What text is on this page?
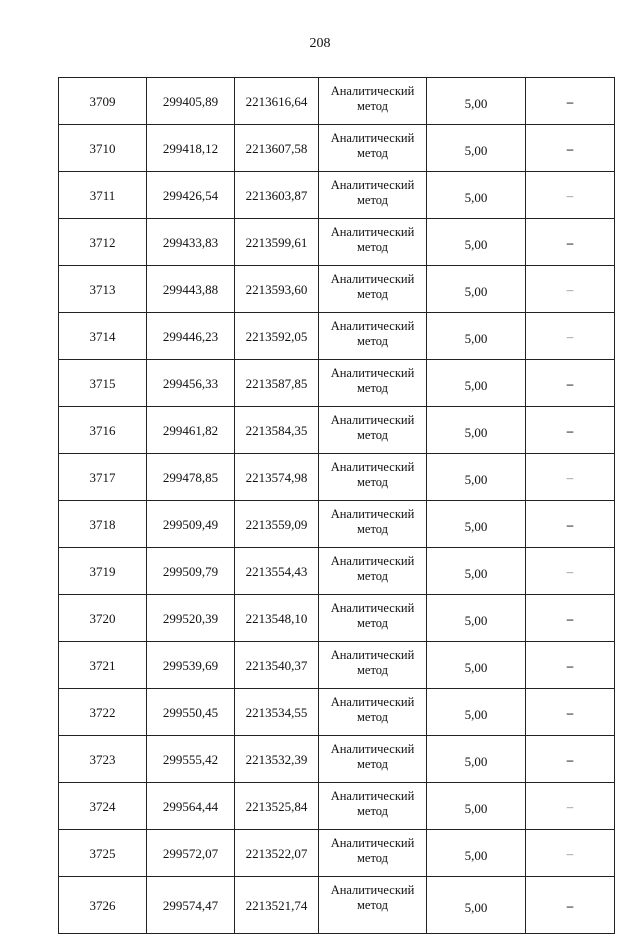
208
3709	299405,89	2213616,64	Аналитический
метод	5,00	–
3710	299418,12	2213607,58	Аналитический
метод	5,00	–
3711	299426,54	2213603,87	Аналитический
метод	5,00	–
3712	299433,83	2213599,61	Аналитический
метод	5,00	–
3713	299443,88	2213593,60	Аналитический
метод	5,00	–
3714	299446,23	2213592,05	Аналитический
метод	5,00	–
3715	299456,33	2213587,85	Аналитический
метод	5,00	–
3716	299461,82	2213584,35	Аналитический
метод	5,00	–
3717	299478,85	2213574,98	Аналитический
метод	5,00	–
3718	299509,49	2213559,09	Аналитический
метод	5,00	–
3719	299509,79	2213554,43	Аналитический
метод	5,00	–
3720	299520,39	2213548,10	Аналитический
метод	5,00	–
3721	299539,69	2213540,37	Аналитический
метод	5,00	–
3722	299550,45	2213534,55	Аналитический
метод	5,00	–
3723	299555,42	2213532,39	Аналитический
метод	5,00	–
3724	299564,44	2213525,84	Аналитический
метод	5,00	–
3725	299572,07	2213522,07	Аналитический
метод	5,00	–
3726	299574,47	2213521,74	Аналитический
метод	5,00	–
